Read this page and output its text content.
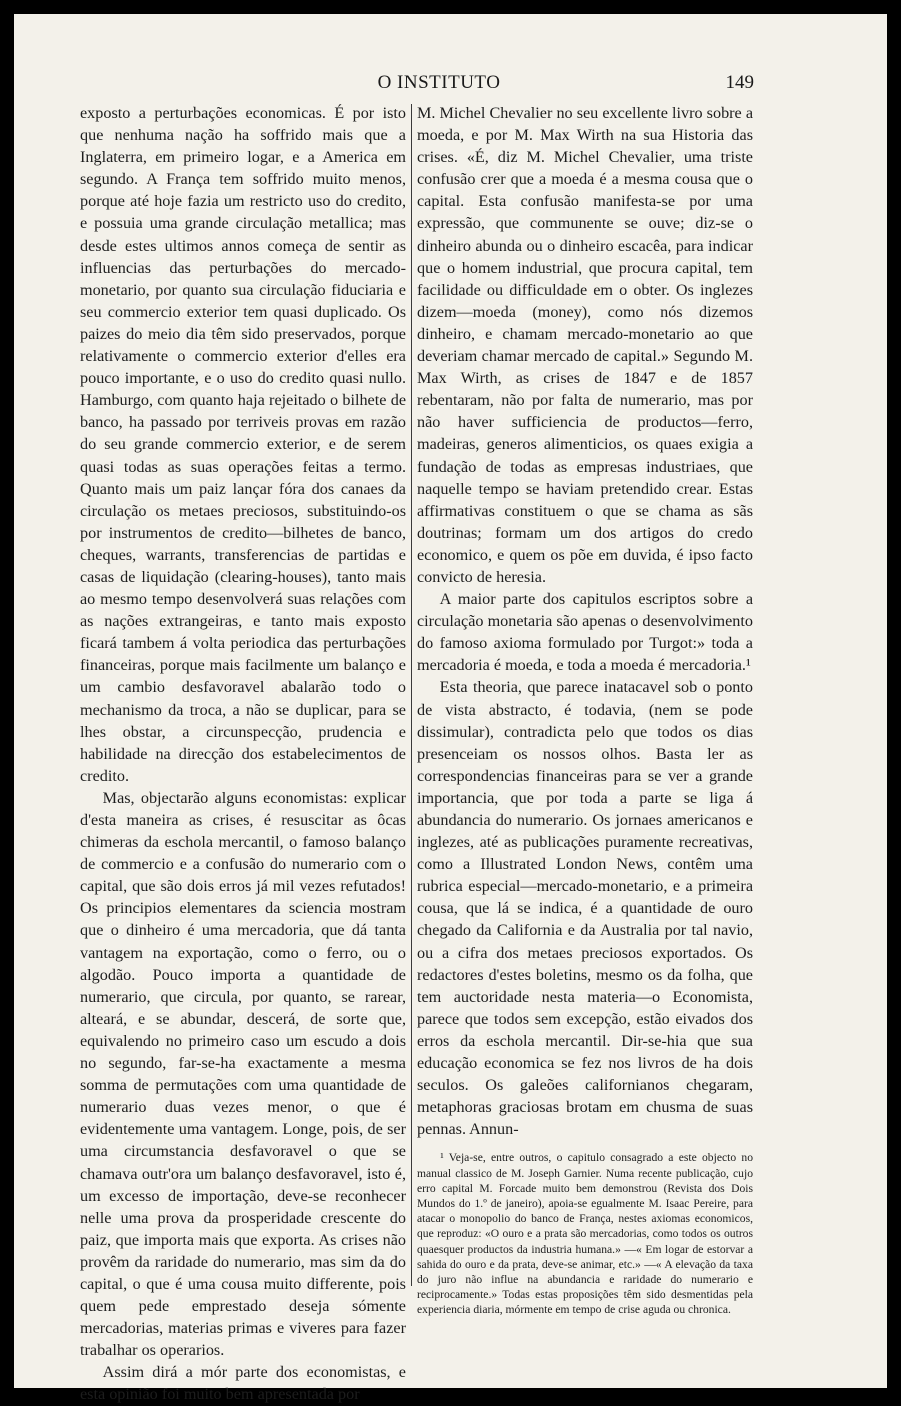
O INSTITUTO	149

exposto a perturbações economicas. É por isto que nenhuma nação ha soffrido mais que a Inglaterra, em primeiro logar, e a America em segundo. A França tem soffrido muito menos, porque até hoje fazia um restricto uso do credito, e possuia uma grande circulação metallica; mas desde estes ultimos annos começa de sentir as influencias das perturbações do mercado-monetario, por quanto sua circulação fiduciaria e seu commercio exterior tem quasi duplicado. Os paizes do meio dia têm sido preservados, porque relativamente o commercio exterior d'elles era pouco importante, e o uso do credito quasi nullo. Hamburgo, com quanto haja rejeitado o bilhete de banco, ha passado por terriveis provas em razão do seu grande commercio exterior, e de serem quasi todas as suas operações feitas a termo. Quanto mais um paiz lançar fóra dos canaes da circulação os metaes preciosos, substituindo-os por instrumentos de credito—bilhetes de banco, cheques, warrants, transferencias de partidas e casas de liquidação (clearing-houses), tanto mais ao mesmo tempo desenvolverá suas relações com as nações extrangeiras, e tanto mais exposto ficará tambem á volta periodica das perturbações financeiras, porque mais facilmente um balanço e um cambio desfavoravel abalarão todo o mechanismo da troca, a não se duplicar, para se lhes obstar, a circunspecção, prudencia e habilidade na direcção dos estabelecimentos de credito.

Mas, objectarão alguns economistas: explicar d'esta maneira as crises, é resuscitar as ôcas chimeras da escholа mercantil, o famoso balanço de commercio e a confusão do numerario com o capital, que são dois erros já mil vezes refutados! Os principios elementares da sciencia mostram que o dinheiro é uma mercadoria, que dá tanta vantagem na exportação, como o ferro, ou o algodão. Pouco importa a quantidade de numerario, que circula, por quanto, se rarear, alteará, e se abundar, descerá, de sorte que, equivalendo no primeiro caso um escudo a dois no segundo, far-se-ha exactamente a mesma somma de permutações com uma quantidade de numerario duas vezes menor, o que é evidentemente uma vantagem. Longe, pois, de ser uma circumstancia desfavoravel o que se chamava outr'ora um balanço desfavoravel, isto é, um excesso de importação, deve-se reconhecer nelle uma prova da prosperidade crescente do paiz, que importa mais que exporta. As crises não provêm da raridade do numerario, mas sim da do capital, o que é uma cousa muito differente, pois quem pede emprestado deseja sómente mercadorias, materias primas e viveres para fazer trabalhar os operarios.

Assim dirá a mór parte dos economistas, e esta opinião foi muito bem apresentada por

M. Michel Chevalier no seu excellente livro sobre a moeda, e por M. Max Wirth na sua Historia das crises. «É, diz M. Michel Chevalier, uma triste confusão crer que a moeda é a mesma cousa que o capital. Esta confusão manifesta-se por uma expressão, que communente se ouve; diz-se o dinheiro abunda ou o dinheiro escacêa, para indicar que o homem industrial, que procura capital, tem facilidade ou difficuldade em o obter. Os inglezes dizem—moeda (money), como nós dizemos dinheiro, e chamam mercado-monetario ao que deveriam chamar mercado de capital.» Segundo M. Max Wirth, as crises de 1847 e de 1857 rebentaram, não por falta de numerario, mas por não haver sufficiencia de productos—ferro, madeiras, generos alimenticios, os quaes exigia a fundação de todas as empresas industriaes, que naquelle tempo se haviam pretendido crear. Estas affirmativas constituem o que se chama as sãs doutrinas; formam um dos artigos do credo economico, e quem os põe em duvida, é ipso facto convicto de heresia.

A maior parte dos capitulos escriptos sobre a circulação monetaria são apenas o desenvolvimento do famoso axioma formulado por Turgot:» toda a mercadoria é moeda, e toda a moeda é mercadoria.¹

Esta theoria, que parece inatacavel sob o ponto de vista abstracto, é todavia, (nem se pode dissimular), contradicta pelo que todos os dias presenceiam os nossos olhos. Basta ler as correspondencias financeiras para se ver a grande importancia, que por toda a parte se liga á abundancia do numerario. Os jornaes americanos e inglezes, até as publicações puramente recreativas, como a Illustrated London News, contêm uma rubrica especial—mercado-monetario, e a primeira cousa, que lá se indica, é a quantidade de ouro chegado da California e da Australia por tal navio, ou a cifra dos metaes preciosos exportados. Os redactores d'estes boletins, mesmo os da folha, que tem auctoridade nesta materia—o Economista, parece que todos sem excepção, estão eivados dos erros da escholа mercantil. Dir-se-hia que sua educação economica se fez nos livros de ha dois seculos. Os galeões californianos chegaram, metaphoras graciosas brotam em chusma de suas pennas. Annun-

¹ Veja-se, entre outros, o capitulo consagrado a este objecto no manual classico de M. Joseph Garnier. Numa recente publicação, cujo erro capital M. Forcade muito bem demonstrou (Revista dos Dois Mundos do 1.º de janeiro), apoia-se egualmente M. Isaac Pereire, para atacar o monopolio do banco de França, nestes axiomas economicos, que reproduz: «O ouro e a prata são mercadorias, como todos os outros quaesquer productos da industria humana.» —« Em logar de estorvar a sahida do ouro e da prata, deve-se animar, etc.» —« A elevação da taxa do juro não influe na abundancia e raridade do numerario e reciprocamente.» Todas estas proposições têm sido desmentidas pela experiencia diaria, mórmente em tempo de crise aguda ou chronica.
